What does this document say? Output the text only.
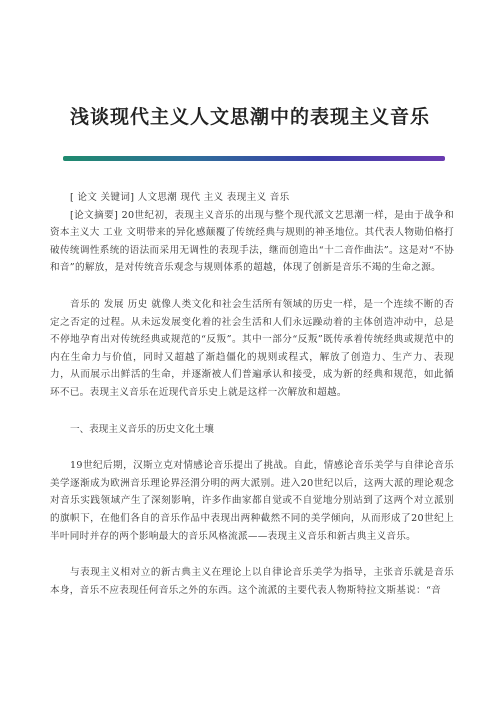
浅谈现代主义人文思潮中的表现主义音乐

[ 论文 关键词] 人文思潮 现代 主义 表现主义 音乐

[论文摘要] 20世纪初，表现主义音乐的出现与整个现代派文艺思潮一样，是由于战争和资本主义大 工业 文明带来的异化感颠覆了传统经典与规则的神圣地位。其代表人物勋伯格打破传统调性系统的语法而采用无调性的表现手法，继而创造出“十二音作曲法”。这是对“不协和音”的解放，是对传统音乐观念与规则体系的超越，体现了创新是音乐不竭的生命之源。

音乐的 发展 历史 就像人类文化和社会生活所有领域的历史一样，是一个连续不断的否定之否定的过程。从未远发展变化着的社会生活和人们永远躁动着的主体创造冲动中，总是不停地孕育出对传统经典或规范的“反叛”。其中一部分“反叛”既传承着传统经典或规范中的内在生命力与价值，同时又超越了渐趋僵化的规则或程式，解放了创造力、生产力、表现力，从而展示出鲜活的生命，并逐渐被人们普遍承认和接受，成为新的经典和规范，如此循环不已。表现主义音乐在近现代音乐史上就是这样一次解放和超越。

一、表现主义音乐的历史文化土壤

19世纪后期，汉斯立克对情感论音乐提出了挑战。自此，情感论音乐美学与自律论音乐美学逐渐成为欧洲音乐理论界泾渭分明的两大派别。进入20世纪以后，这两大派的理论观念对音乐实践领域产生了深刻影响，许多作曲家都自觉或不自觉地分别站到了这两个对立派别的旗帜下，在他们各自的音乐作品中表现出两种截然不同的美学倾向，从而形成了20世纪上半叶同时并存的两个影响最大的音乐风格流派——表现主义音乐和新古典主义音乐。

与表现主义相对立的新古典主义在理论上以自律论音乐美学为指导，主张音乐就是音乐本身，音乐不应表现任何音乐之外的东西。这个流派的主要代表人物斯特拉文斯基说：“音
